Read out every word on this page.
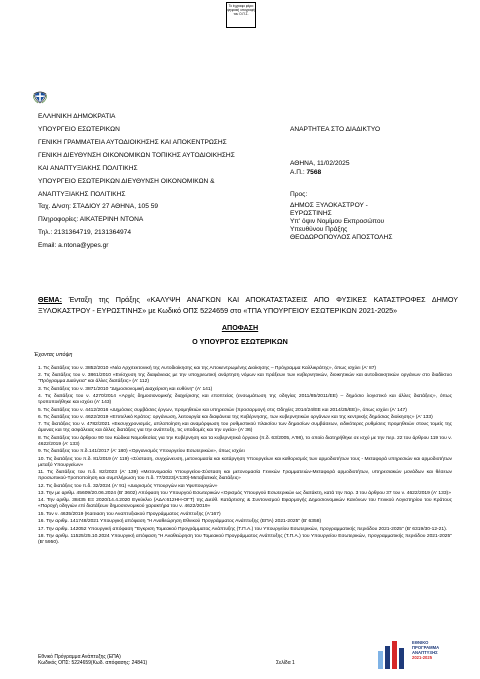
Το έγγραφο φέρει ψηφιακή υπογραφή του Ο.Π.Σ.
ΕΛΛΗΝΙΚΗ ΔΗΜΟΚΡΑΤΙΑ
ΥΠΟΥΡΓΕΙΟ ΕΣΩΤΕΡΙΚΩΝ
ΓΕΝΙΚΗ ΓΡΑΜΜΑΤΕΙΑ ΑΥΤΟΔΙΟΙΚΗΣΗΣ ΚΑΙ ΑΠΟΚΕΝΤΡΩΣΗΣ
ΓΕΝΙΚΗ ΔΙΕΥΘΥΝΣΗ ΟΙΚΟΝΟΜΙΚΩΝ ΤΟΠΙΚΗΣ ΑΥΤΟΔΙΟΙΚΗΣΗΣ
ΚΑΙ ΑΝΑΠΤΥΞΙΑΚΗΣ ΠΟΛΙΤΙΚΗΣ
ΥΠΟΥΡΓΕΙΟ ΕΣΩΤΕΡΙΚΩΝ ΔΙΕΥΘΥΝΣΗ ΟΙΚΟΝΟΜΙΚΩΝ &
ΑΝΑΠΤΥΞΙΑΚΗΣ ΠΟΛΙΤΙΚΗΣ
Ταχ. Δ/νση: ΣΤΑΔΙΟΥ 27 ΑΘΗΝΑ, 105 59
Πληροφορίες: ΑΙΚΑΤΕΡΙΝΗ ΝΤΟΝΑ
Τηλ.: 2131364719, 2131364974
Email: a.ntona@ypes.gr
ΑΝΑΡΤΗΤΕΑ ΣΤΟ ΔΙΑΔΙΚΤΥΟ
ΑΘΗΝΑ, 11/02/2025
Α.Π.: 7568
Προς:
ΔΗΜΟΣ ΞΥΛΟΚΑΣΤΡΟΥ -
ΕΥΡΩΣΤΙΝΗΣ
Υπ' όψιν Νομίμου Εκπροσώπου
Υπευθύνου Πράξης
ΘΕΟΔΩΡΟΠΟΥΛΟΣ ΑΠΟΣΤΟΛΗΣ
ΘΕΜΑ: Ένταξη της Πράξης «ΚΑΛΥΨΗ ΑΝΑΓΚΩΝ ΚΑΙ ΑΠΟΚΑΤΑΣΤΑΣΕΙΣ ΑΠΟ ΦΥΣΙΚΕΣ ΚΑΤΑΣΤΡΟΦΕΣ ΔΗΜΟΥ ΞΥΛΟΚΑΣΤΡΟΥ - ΕΥΡΩΣΤΙΝΗΣ» με Κωδικό ΟΠΣ 5224659 στο «ΤΠΑ ΥΠΟΥΡΓΕΙΟΥ ΕΣΩΤΕΡΙΚΩΝ 2021-2025»
ΑΠΟΦΑΣΗ
Ο ΥΠΟΥΡΓΟΣ ΕΣΩΤΕΡΙΚΩΝ
Έχοντας υπόψη

1. Τις διατάξεις του ν. 3852/2010 «Νέα Αρχιτεκτονική της Αυτοδιοίκησης και της Αποκεντρωμένης Διοίκησης – Πρόγραμμα Καλλικράτης», όπως ισχύει (Α' 87)

2. Τις διατάξεις του ν. 3861/2010 «Ενίσχυση της διαφάνειας με την υποχρεωτική ανάρτηση νόμων και πράξεων των κυβερνητικών, διοικητικών και αυτοδιοικητικών οργάνων στο διαδίκτυο "Πρόγραμμα Διαύγεια" και άλλες διατάξεις» (Α' 112)

3. Τις διατάξεις του ν. 3871/2010 "Δημοσιονομική Διαχείριση και ευθύνη" (Α' 141)

4. Τις διατάξεις του ν. 4270/2014 «Αρχές δημοσιονομικής διαχείρισης και εποπτείας (ενσωμάτωση της οδηγίας 2011/85/2011/ΕΕ) – δημόσιο λογιστικό και άλλες διατάξεις», όπως τροποποιήθηκε και ισχύει (Α' 143)

5. Τις διατάξεις του ν. 4412/2016 «Δημόσιες συμβάσεις έργων, προμηθειών και υπηρεσιών (προσαρμογή στις Οδηγίες 2014/24/ΕΕ και 2014/25/ΕΕ)», όπως ισχύει (Α' 147)

6. Τις διατάξεις του ν. 4622/2019 «Επιτελικό Κράτος: οργάνωση, λειτουργία και διαφάνεια της Κυβέρνησης, των κυβερνητικών οργάνων και της κεντρικής δημόσιας διοίκησης» (Α' 133)

7. Τις διατάξεις του ν. 4782/2021 «Εκσυγχρονισμός, απλοποίηση και αναμόρφωση του ρυθμιστικού πλαισίου των δημοσίων συμβάσεων, ειδικότερες ρυθμίσεις προμηθειών στους τομείς της άμυνας και της ασφάλειας και άλλες διατάξεις για την ανάπτυξη, τις υποδομές και την υγεία» (Α' 36)

8. Τις διατάξεις του άρθρου 90 του Κώδικα Νομοθεσίας για την Κυβέρνηση και τα κυβερνητικά όργανα (π.δ. 63/2005, Α'98), το οποίο διατηρήθηκε σε ισχύ με την περ. 22 του άρθρου 119 του ν. 4622/2019 (Α' 133)

9. Τις διατάξεις του π.δ.141/2017 (Α' 180) «Οργανισμός Υπουργείου Εσωτερικών», όπως ισχύει

10. Τις διατάξεις του π.δ. 81/2019 (Α' 119) «Σύσταση, συγχώνευση, μετονομασία και κατάργηση Υπουργείων και καθορισμός των αρμοδιοτήτων τους - Μεταφορά υπηρεσιών και αρμοδιοτήτων μεταξύ Υπουργείων»

11. Τις διατάξεις του π.δ. 82/2023 (Α' 139) «Μετονομασία Υπουργείου-Σύσταση και μετονομασία Γενικών Γραμματειών-Μεταφορά αρμοδιοτήτων, υπηρεσιακών μονάδων και θέσεων προσωπικού-Τροποποίηση και συμπλήρωση του π.δ. 77/2023(Α'130)-Μεταβατικές διατάξεις»

12. Τις διατάξεις του π.δ. 32/2024 (Α' 91) «Διορισμός Υπουργών και Υφυπουργών»

13. Την με αριθμ. 45609/20.06.2024 (Β' 3602) Απόφαση του Υπουργού Εσωτερικών «Ορισμός Υπουργού Εσωτερικών ως διατάκτη, κατά την παρ. 3 του άρθρου 37 του ν. 4622/2019 (Α' 133)»

14. Την αριθμ. 38435 ΕΞ 2020/14.4.2020 Εγκύκλιο (ΑΔΑ:612ΗΗ-ΟΓΤ) της Διεύθ. Κατάρτισης & Συντονισμού Εφαρμογής Δημοσιονομικών Κανόνων του Γενικού Λογιστηρίου του Κράτους «Παροχή οδηγιών επί διατάξεων δημοσιονομικού χαρακτήρα του ν. 4622/2019»

15. Τον ν. 4635/2019 (Καιτιαση του Αναπτυξιακού Προγράμματος Ανάπτυξης (Α'167)

16. Την αριθμ. 141748/2021 Υπουργική απόφαση "Η Αναθεώρηση Εθνικού Προγράμματος Ανάπτυξης (ΕΠΑ) 2021-2025" (Β' 6358)

17. Την αριθμ. 142052 Υπουργική απόφαση "Έγκριση Τομεακού Προγράμματος Ανάπτυξης (Τ.Π.Α.) του Υπουργείου Εσωτερικών, προγραμματικής περιόδου 2021-2025" (Β' 6319/30-12-21).

18. Την αριθμ. 11525/25.10.2024 Υπουργική απόφαση "Η Αναθεώρηση του Τομεακού Προγράμματος Ανάπτυξης (Τ.Π.Α.) του Υπουργείου Εσωτερικών, προγραμματικής περιόδου 2021-2025" (Β' 5950).

ΕΘΝΙΚΟ
ΠΡΟΓΡΑΜΜΑ
ΑΝΑΠΤΥΞΗΣ
2021-2025
Εθνικό Πρόγραμμα Ανάπτυξης (ΕΠΑ)
Κωδικός ΟΠΣ: 5224659(Κωδ. απόφασης: 24841)	Σελίδα 1
